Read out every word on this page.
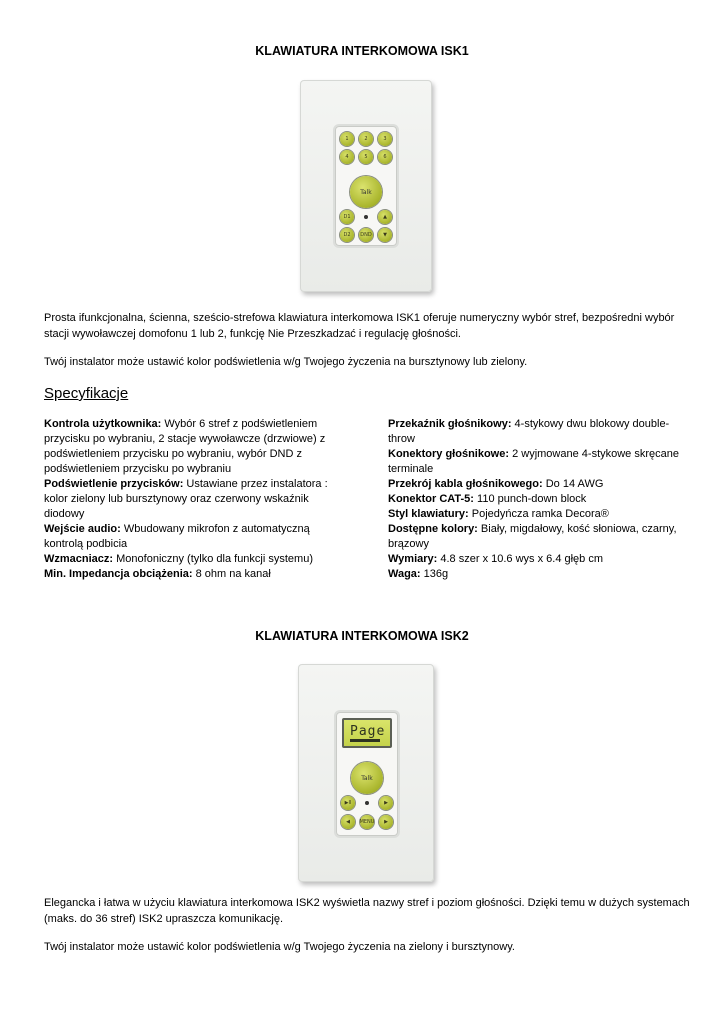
KLAWIATURA INTERKOMOWA ISK1
1	2	3
4	5	6
Talk
D1	▲
D2	DND	▼
Prosta ifunkcjonalna, ścienna, sześcio-strefowa klawiatura interkomowa ISK1 oferuje numeryczny wybór stref, bezpośredni wybór stacji wywoławczej domofonu 1 lub 2, funkcję Nie Przeszkadzać i regulację głośności.
Twój instalator może ustawić kolor podświetlenia w/g Twojego życzenia na bursztynowy lub zielony.
Specyfikacje

Kontrola użytkownika: Wybór 6 stref z podświetleniem przycisku po wybraniu, 2 stacje wywoławcze (drzwiowe) z podświetleniem przycisku po wybraniu, wybór DND z podświetleniem przycisku po wybraniu

Podświetlenie przycisków: Ustawiane przez instalatora : kolor zielony lub bursztynowy oraz czerwony wskaźnik diodowy

Wejście audio: Wbudowany mikrofon z automatyczną kontrolą podbicia

Wzmacniacz: Monofoniczny (tylko dla funkcji systemu)

Min. Impedancja obciążenia: 8 ohm na kanał

Przekaźnik głośnikowy: 4-stykowy dwu blokowy double-throw

Konektory głośnikowe: 2 wyjmowane 4-stykowe skręcane terminale

Przekrój kabla głośnikowego: Do 14 AWG

Konektor CAT-5: 110 punch-down block

Styl klawiatury: Pojedyńcza ramka Decora®

Dostępne kolory: Biały, migdałowy, kość słoniowa, czarny, brązowy

Wymiary: 4.8 szer x 10.6 wys x 6.4 głęb cm

Waga: 136g

KLAWIATURA INTERKOMOWA ISK2
Page
Talk
▶II	▶
◀	MENU	▶
Elegancka i łatwa w użyciu klawiatura interkomowa ISK2 wyświetla nazwy stref i poziom głośności. Dzięki temu w dużych systemach (maks. do 36 stref) ISK2 upraszcza komunikację.
Twój instalator może ustawić kolor podświetlenia w/g Twojego życzenia na zielony i bursztynowy.
